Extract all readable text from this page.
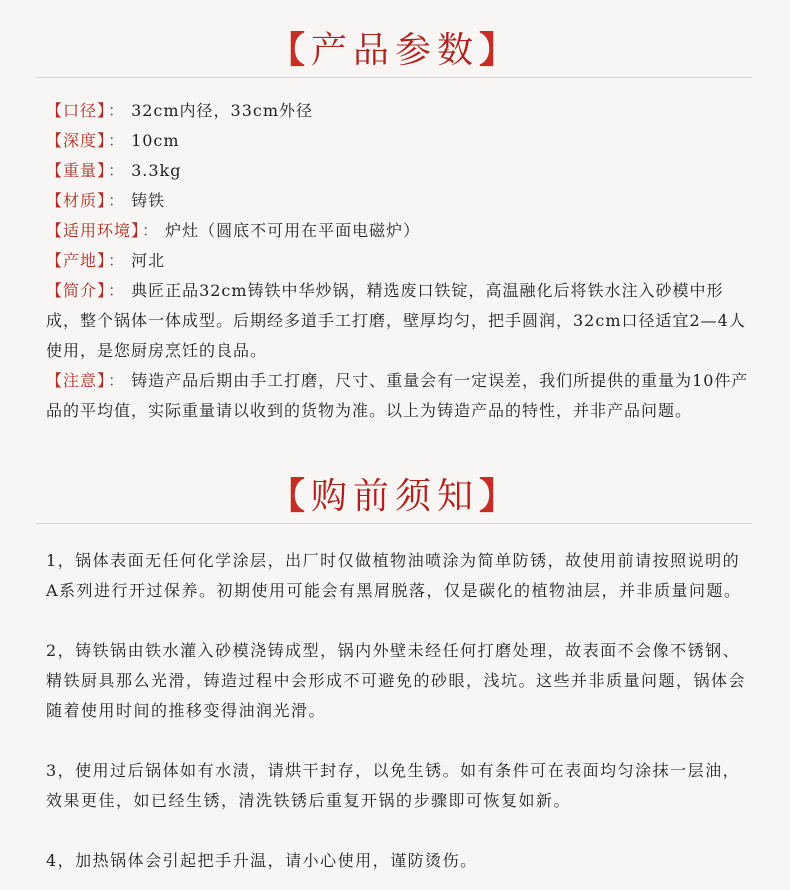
【产品参数】
【口径】 ： 32cm内径，33cm外径
【深度】 ： 10cm
【重量】 ： 3.3kg
【材质】 ： 铸铁
【适用环境】 ： 炉灶（圆底不可用在平面电磁炉）
【产地】 ： 河北
【简介】 ： 典匠正品32cm铸铁中华炒锅，精选废口铁锭，高温融化后将铁水注入砂模中形成，整个锅体一体成型。后期经多道手工打磨，壁厚均匀，把手圆润，32cm口径适宜2—4人使用，是您厨房烹饪的良品。
【注意】 ： 铸造产品后期由手工打磨，尺寸、重量会有一定误差，我们所提供的重量为10件产品的平均值，实际重量请以收到的货物为准。以上为铸造产品的特性，并非产品问题。
【购前须知】
1，锅体表面无任何化学涂层，出厂时仅做植物油喷涂为简单防锈，故使用前请按照说明的A系列进行开过保养。初期使用可能会有黑屑脱落，仅是碳化的植物油层，并非质量问题。
2，铸铁锅由铁水灌入砂模浇铸成型，锅内外壁未经任何打磨处理，故表面不会像不锈钢、精铁厨具那么光滑，铸造过程中会形成不可避免的砂眼，浅坑。这些并非质量问题，锅体会随着使用时间的推移变得油润光滑。
3，使用过后锅体如有水渍，请烘干封存，以免生锈。如有条件可在表面均匀涂抹一层油，效果更佳，如已经生锈，清洗铁锈后重复开锅的步骤即可恢复如新。
4，加热锅体会引起把手升温，请小心使用，谨防烫伤。
